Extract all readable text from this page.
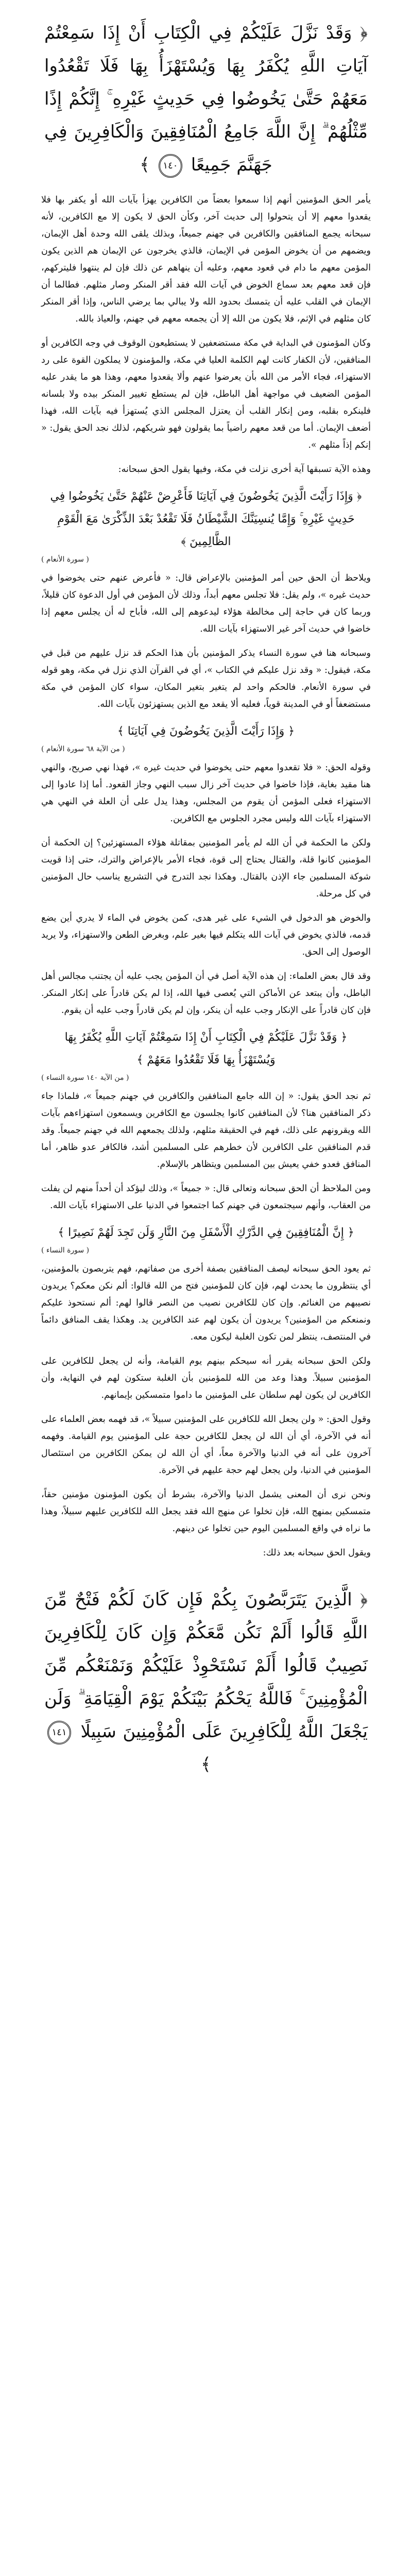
﴿ وَقَدْ نَزَّلَ عَلَيْكُمْ فِي الْكِتَابِ أَنْ إِذَا سَمِعْتُمْ آيَاتِ اللَّهِ يُكْفَرُ بِهَا وَيُسْتَهْزَأُ بِهَا فَلَا تَقْعُدُوا مَعَهُمْ حَتَّىٰ يَخُوضُوا فِي حَدِيثٍ غَيْرِهِ ۚ إِنَّكُمْ إِذًا مِّثْلُهُمْ ۗ إِنَّ اللَّهَ جَامِعُ الْمُنَافِقِينَ وَالْكَافِرِينَ فِي جَهَنَّمَ جَمِيعًا ١٤٠ ﴾

يأمر الحق المؤمنين أنهم إذا سمعوا بعضاً من الكافرين يهزأ بآيات الله أو يكفر بها فلا يقعدوا معهم إلا أن يتحولوا إلى حديث آخر، وكأن الحق لا يكون إلا مع الكافرين، لأنه سبحانه يجمع المنافقين والكافرين في جهنم جميعاً، وبذلك يلقى الله وحدة أهل الإيمان، ويضمهم من أن يخوض المؤمن في الإيمان، فالذي يخرجون عن الإيمان هم الذين يكون المؤمن معهم ما دام في قعود معهم، وعليه أن ينهاهم عن ذلك فإن لم ينتهوا فليتركهم، فإن قعد معهم بعد سماع الخوض في آيات الله فقد أقر المنكر وصار مثلهم. فطالما أن الإيمان في القلب عليه أن يتمسك بحدود الله ولا يبالي بما يرضي الناس، وإذا أقر المنكر كان مثلهم في الإثم، فلا يكون من الله إلا أن يجمعه معهم في جهنم، والعياذ بالله.

وكان المؤمنون في البداية في مكة مستضعفين لا يستطيعون الوقوف في وجه الكافرين أو المنافقين، لأن الكفار كانت لهم الكلمة العليا في مكة، والمؤمنون لا يملكون القوة على رد الاستهزاء، فجاء الأمر من الله بأن يعرضوا عنهم وألا يقعدوا معهم، وهذا هو ما يقدر عليه المؤمن الضعيف في مواجهة أهل الباطل، فإن لم يستطع تغيير المنكر بيده ولا بلسانه فلينكره بقلبه، ومن إنكار القلب أن يعتزل المجلس الذي يُستهزأ فيه بآيات الله، فهذا أضعف الإيمان. أما من قعد معهم راضياً بما يقولون فهو شريكهم، لذلك نجد الحق يقول: « إنكم إذاً مثلهم ».

وهذه الآية تسبقها آية أخرى نزلت في مكة، وفيها يقول الحق سبحانه:

﴿ وَإِذَا رَأَيْتَ الَّذِينَ يَخُوضُونَ فِي آيَاتِنَا فَأَعْرِضْ عَنْهُمْ حَتَّىٰ يَخُوضُوا فِي حَدِيثٍ غَيْرِهِ ۚ وَإِمَّا يُنسِيَنَّكَ الشَّيْطَانُ فَلَا تَقْعُدْ بَعْدَ الذِّكْرَىٰ مَعَ الْقَوْمِ الظَّالِمِينَ ﴾
( سورة الأنعام )

ويلاحظ أن الحق حين أمر المؤمنين بالإعراض قال: « فأعرض عنهم حتى يخوضوا في حديث غيره »، ولم يقل: فلا تجلس معهم أبداً، وذلك لأن المؤمن في أول الدعوة كان قليلاً، وربما كان في حاجة إلى مخالطة هؤلاء ليدعوهم إلى الله، فأباح له أن يجلس معهم إذا خاضوا في حديث آخر غير الاستهزاء بآيات الله.

وسبحانه هنا في سورة النساء يذكر المؤمنين بأن هذا الحكم قد نزل عليهم من قبل في مكة، فيقول: « وقد نزل عليكم في الكتاب »، أي في القرآن الذي نزل في مكة، وهو قوله في سورة الأنعام. فالحكم واحد لم يتغير بتغير المكان، سواء كان المؤمن في مكة مستضعفاً أو في المدينة قوياً، فعليه ألا يقعد مع الذين يستهزئون بآيات الله.

﴿ وَإِذَا رَأَيْتَ الَّذِينَ يَخُوضُونَ فِي آيَاتِنَا ﴾
( من الآية ٦٨ سورة الأنعام )

وقوله الحق: « فلا تقعدوا معهم حتى يخوضوا في حديث غيره »، فهذا نهي صريح، والنهي هنا مقيد بغاية، فإذا خاضوا في حديث آخر زال سبب النهي وجاز القعود. أما إذا عادوا إلى الاستهزاء فعلى المؤمن أن يقوم من المجلس، وهذا يدل على أن العلة في النهي هي الاستهزاء بآيات الله وليس مجرد الجلوس مع الكافرين.

ولكن ما الحكمة في أن الله لم يأمر المؤمنين بمقاتلة هؤلاء المستهزئين؟ إن الحكمة أن المؤمنين كانوا قلة، والقتال يحتاج إلى قوة، فجاء الأمر بالإعراض والترك، حتى إذا قويت شوكة المسلمين جاء الإذن بالقتال. وهكذا نجد التدرج في التشريع يناسب حال المؤمنين في كل مرحلة.

والخوض هو الدخول في الشيء على غير هدى، كمن يخوض في الماء لا يدري أين يضع قدمه، فالذي يخوض في آيات الله يتكلم فيها بغير علم، وبغرض الطعن والاستهزاء، ولا يريد الوصول إلى الحق.

وقد قال بعض العلماء: إن هذه الآية أصل في أن المؤمن يجب عليه أن يجتنب مجالس أهل الباطل، وأن يبتعد عن الأماكن التي يُعصى فيها الله، إذا لم يكن قادراً على إنكار المنكر. فإن كان قادراً على الإنكار وجب عليه أن ينكر، وإن لم يكن قادراً وجب عليه أن يقوم.

﴿ وَقَدْ نَزَّلَ عَلَيْكُمْ فِي الْكِتَابِ أَنْ إِذَا سَمِعْتُمْ آيَاتِ اللَّهِ يُكْفَرُ بِهَا وَيُسْتَهْزَأُ بِهَا فَلَا تَقْعُدُوا مَعَهُمْ ﴾
( من الآية ١٤٠ سورة النساء )

ثم نجد الحق يقول: « إن الله جامع المنافقين والكافرين في جهنم جميعاً »، فلماذا جاء ذكر المنافقين هنا؟ لأن المنافقين كانوا يجلسون مع الكافرين ويسمعون استهزاءهم بآيات الله ويقرونهم على ذلك، فهم في الحقيقة مثلهم، ولذلك يجمعهم الله في جهنم جميعاً. وقد قدم المنافقين على الكافرين لأن خطرهم على المسلمين أشد، فالكافر عدو ظاهر، أما المنافق فعدو خفي يعيش بين المسلمين ويتظاهر بالإسلام.

ومن الملاحظ أن الحق سبحانه وتعالى قال: « جميعاً »، وذلك ليؤكد أن أحداً منهم لن يفلت من العقاب، وأنهم سيجتمعون في جهنم كما اجتمعوا في الدنيا على الاستهزاء بآيات الله.

﴿ إِنَّ الْمُنَافِقِينَ فِي الدَّرْكِ الْأَسْفَلِ مِنَ النَّارِ وَلَن تَجِدَ لَهُمْ نَصِيرًا ﴾
( سورة النساء )

ثم يعود الحق سبحانه ليصف المنافقين بصفة أخرى من صفاتهم، فهم يتربصون بالمؤمنين، أي ينتظرون ما يحدث لهم، فإن كان للمؤمنين فتح من الله قالوا: ألم نكن معكم؟ يريدون نصيبهم من الغنائم. وإن كان للكافرين نصيب من النصر قالوا لهم: ألم نستحوذ عليكم ونمنعكم من المؤمنين؟ يريدون أن يكون لهم عند الكافرين يد. وهكذا يقف المنافق دائماً في المنتصف، ينتظر لمن تكون الغلبة ليكون معه.

ولكن الحق سبحانه يقرر أنه سيحكم بينهم يوم القيامة، وأنه لن يجعل للكافرين على المؤمنين سبيلاً. وهذا وعد من الله للمؤمنين بأن الغلبة ستكون لهم في النهاية، وأن الكافرين لن يكون لهم سلطان على المؤمنين ما داموا متمسكين بإيمانهم.

وقول الحق: « ولن يجعل الله للكافرين على المؤمنين سبيلاً »، قد فهمه بعض العلماء على أنه في الآخرة، أي أن الله لن يجعل للكافرين حجة على المؤمنين يوم القيامة. وفهمه آخرون على أنه في الدنيا والآخرة معاً، أي أن الله لن يمكن الكافرين من استئصال المؤمنين في الدنيا، ولن يجعل لهم حجة عليهم في الآخرة.

ونحن نرى أن المعنى يشمل الدنيا والآخرة، بشرط أن يكون المؤمنون مؤمنين حقاً، متمسكين بمنهج الله، فإن تخلوا عن منهج الله فقد يجعل الله للكافرين عليهم سبيلاً، وهذا ما نراه في واقع المسلمين اليوم حين تخلوا عن دينهم.

ويقول الحق سبحانه بعد ذلك:

﴿ الَّذِينَ يَتَرَبَّصُونَ بِكُمْ فَإِن كَانَ لَكُمْ فَتْحٌ مِّنَ اللَّهِ قَالُوا أَلَمْ نَكُن مَّعَكُمْ وَإِن كَانَ لِلْكَافِرِينَ نَصِيبٌ قَالُوا أَلَمْ نَسْتَحْوِذْ عَلَيْكُمْ وَنَمْنَعْكُم مِّنَ الْمُؤْمِنِينَ ۚ فَاللَّهُ يَحْكُمُ بَيْنَكُمْ يَوْمَ الْقِيَامَةِ ۗ وَلَن يَجْعَلَ اللَّهُ لِلْكَافِرِينَ عَلَى الْمُؤْمِنِينَ سَبِيلًا ١٤١ ﴾
